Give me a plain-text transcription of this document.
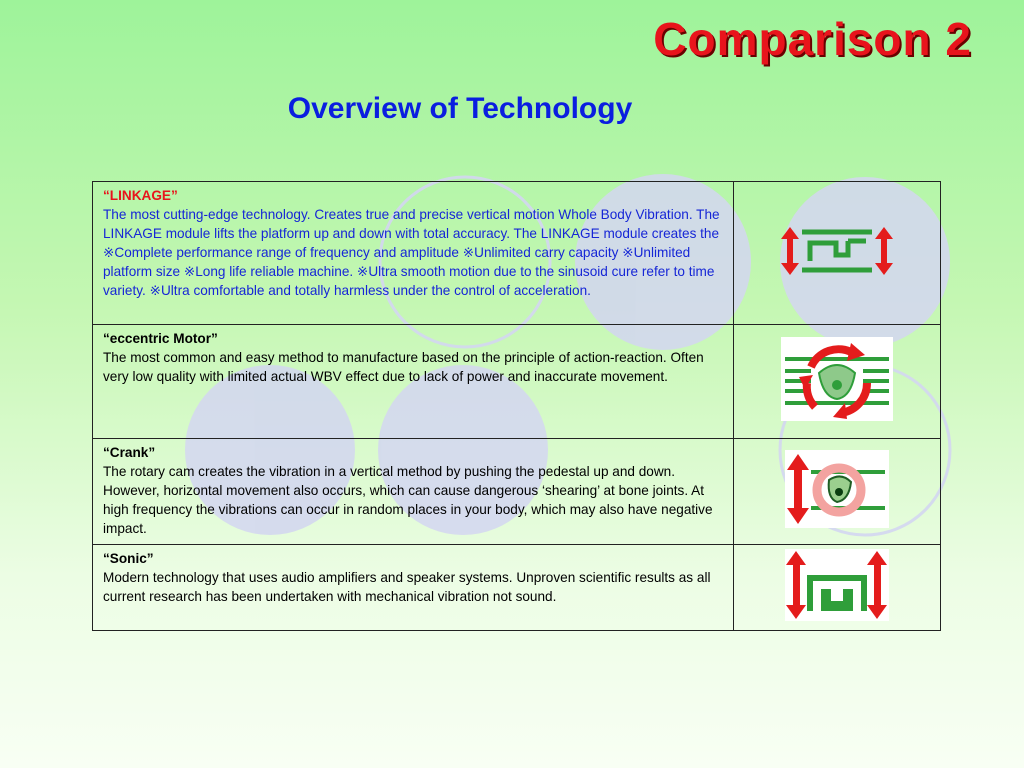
Comparison 2
Overview of Technology
“LINKAGE”
The most cutting-edge technology. Creates true and precise vertical motion Whole Body Vibration. The LINKAGE module lifts the platform up and down with total accuracy. The LINKAGE module creates the ※Complete performance range of frequency and amplitude ※Unlimited carry capacity ※Unlimited platform size ※Long life reliable machine. ※Ultra smooth motion due to the sinusoid cure refer to time variety. ※Ultra comfortable and totally harmless under the control of acceleration.

“eccentric Motor”
The most common and easy method to manufacture based on the principle of action-reaction. Often very low quality with limited actual WBV effect due to lack of power and inaccurate movement.

“Crank”
The rotary cam creates the vibration in a vertical method by pushing the pedestal up and down. However, horizontal movement also occurs, which can cause dangerous ‘shearing’ at bone joints. At high frequency the vibrations can occur in random places in your body, which may also have negative impact.

“Sonic”
Modern technology that uses audio amplifiers and speaker systems. Unproven scientific results as all current research has been undertaken with mechanical vibration not sound.
